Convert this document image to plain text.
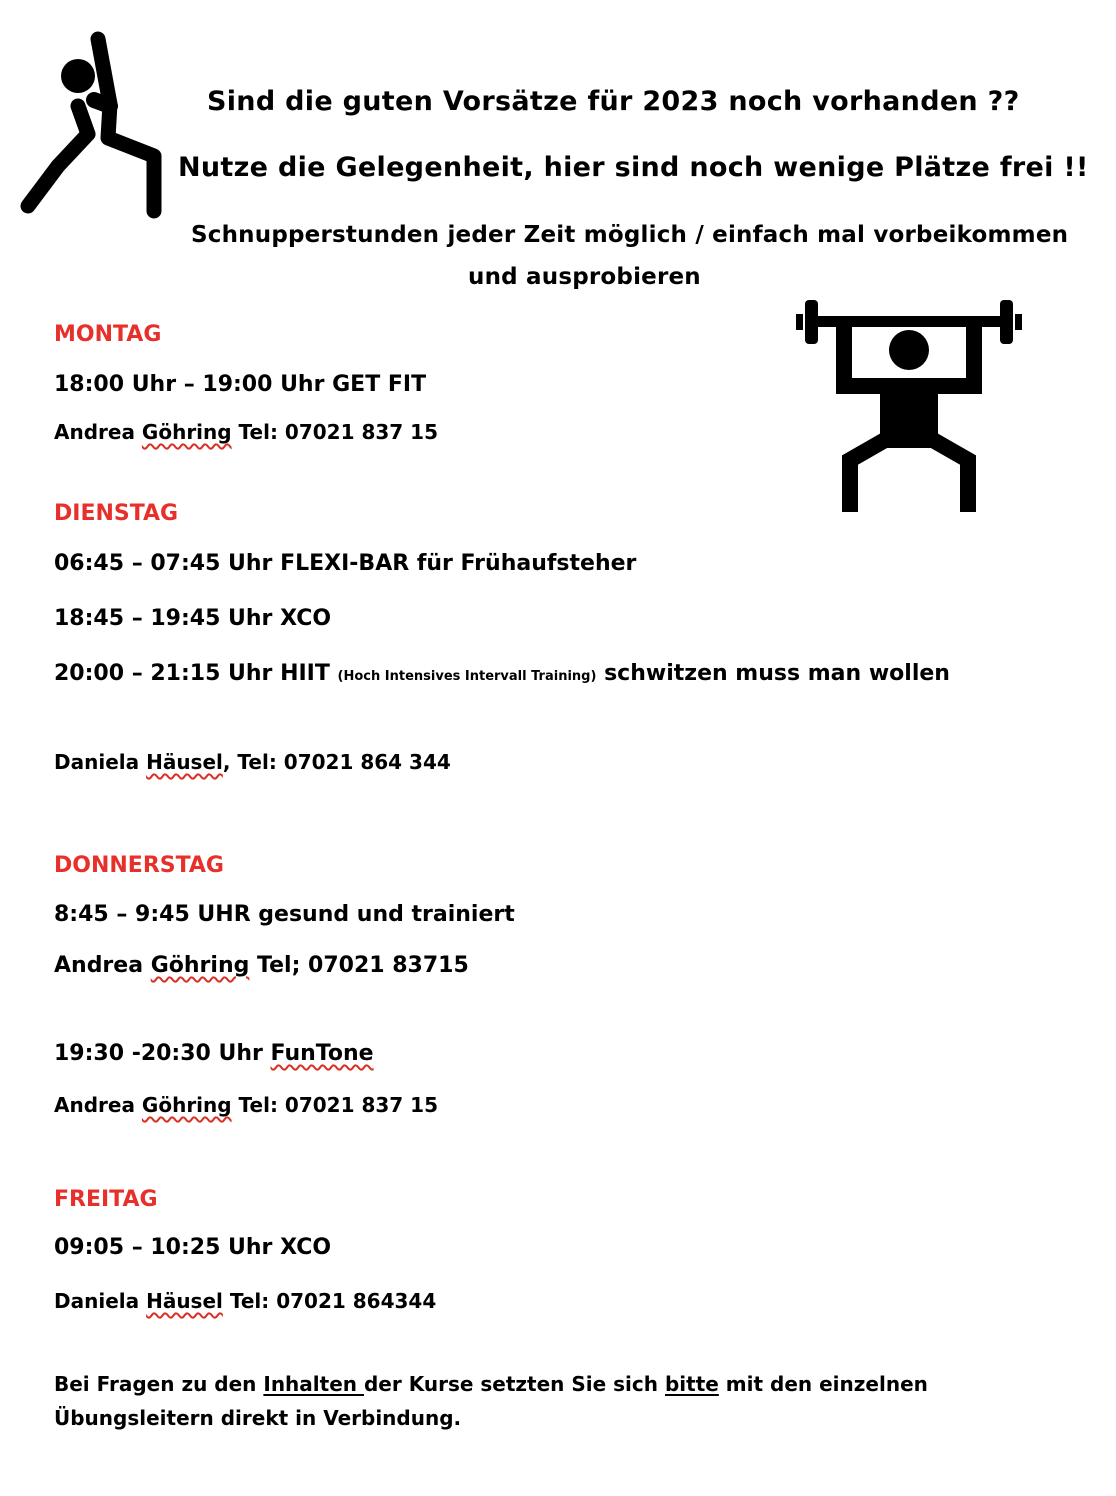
Sind die guten Vorsätze für 2023 noch vorhanden ??
Nutze die Gelegenheit, hier sind noch wenige Plätze frei !!
Schnupperstunden jeder Zeit möglich / einfach mal vorbeikommen
und ausprobieren
MONTAG
18:00 Uhr – 19:00 Uhr GET FIT
Andrea Göhring Tel: 07021 837 15
DIENSTAG
06:45 – 07:45 Uhr FLEXI-BAR für Frühaufsteher
18:45 – 19:45 Uhr XCO
20:00 – 21:15 Uhr HIIT (Hoch Intensives Intervall Training) schwitzen muss man wollen
Daniela Häusel, Tel: 07021 864 344
DONNERSTAG
8:45 – 9:45 UHR gesund und trainiert
Andrea Göhring Tel; 07021 83715
19:30 -20:30 Uhr FunTone
Andrea Göhring Tel: 07021 837 15
FREITAG
09:05 – 10:25 Uhr XCO
Daniela Häusel Tel: 07021 864344
Bei Fragen zu den Inhalten der Kurse setzten Sie sich bitte mit den einzelnen
Übungsleitern direkt in Verbindung.
